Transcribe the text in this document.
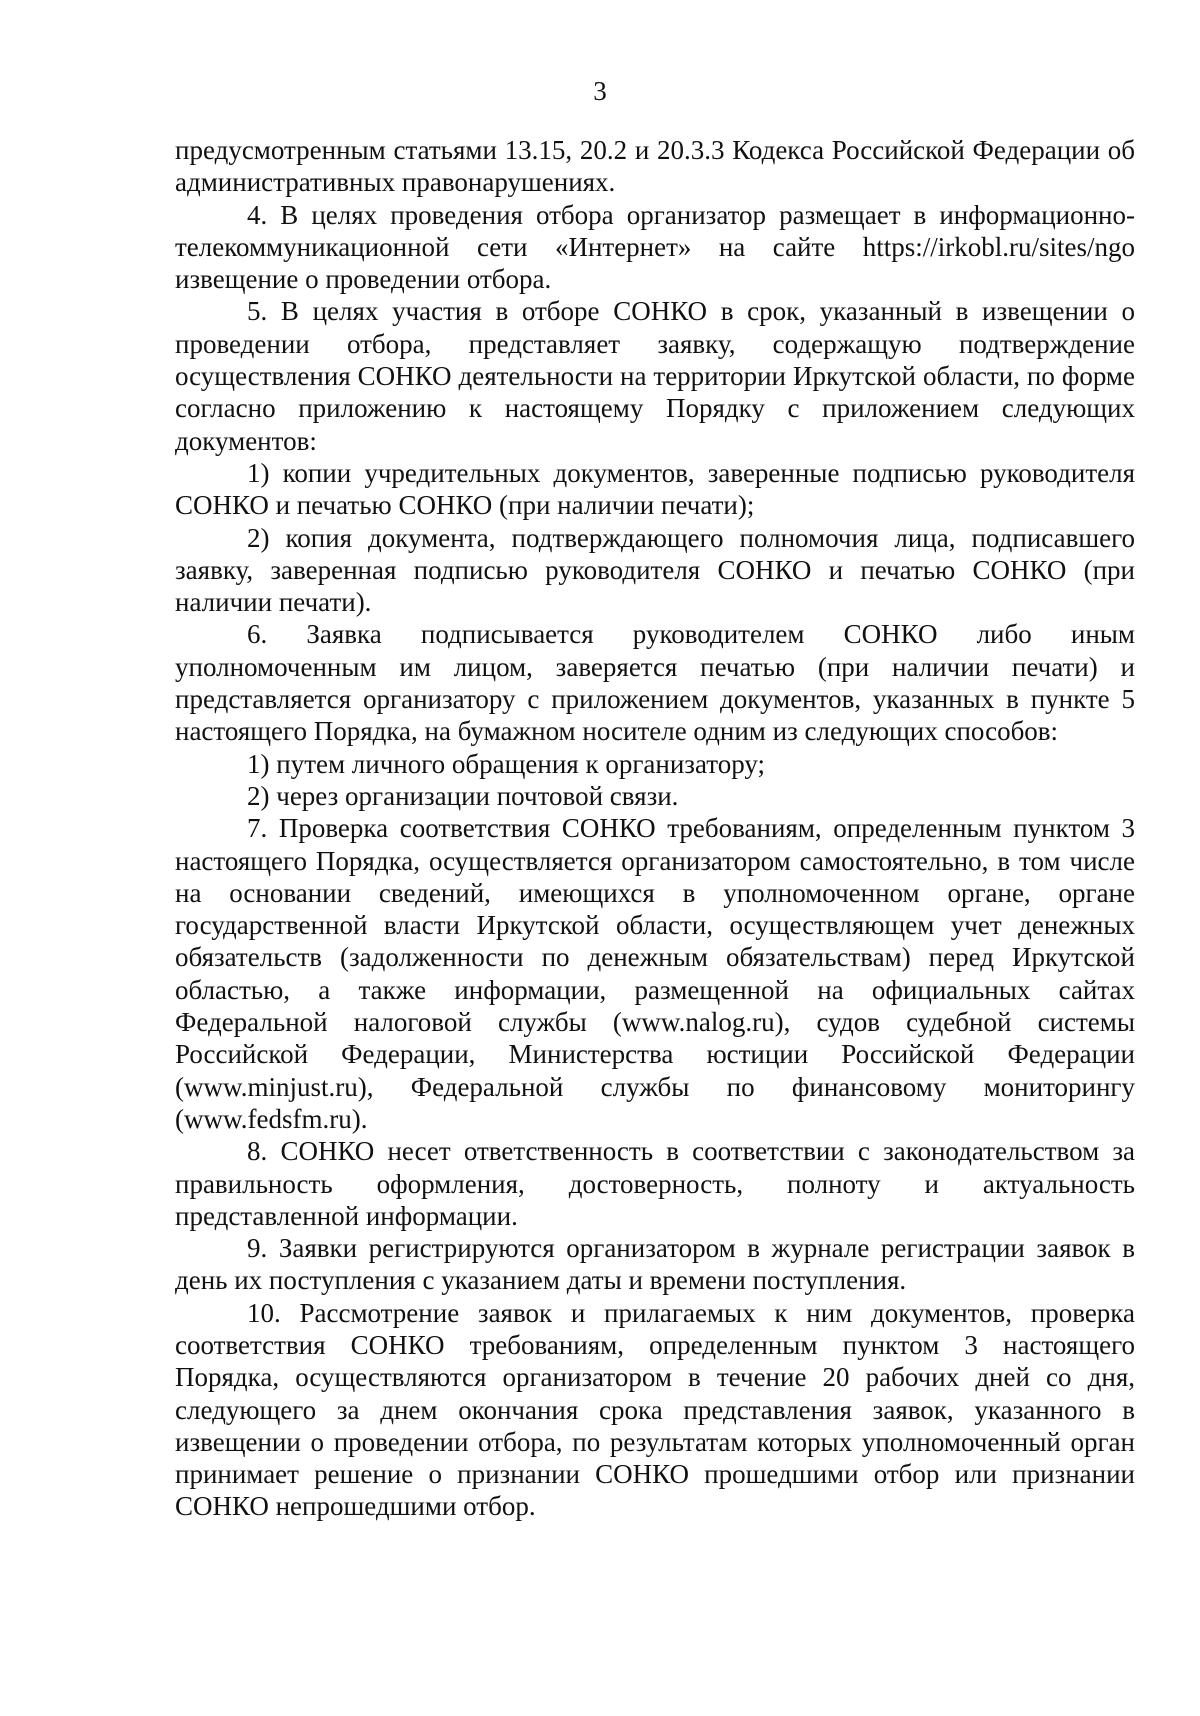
3

предусмотренным статьями 13.15, 20.2 и 20.3.3 Кодекса Российской Федерации об административных правонарушениях.

4. В целях проведения отбора организатор размещает в информационно-телекоммуникационной сети «Интернет» на сайте https://irkobl.ru/sites/ngo извещение о проведении отбора.

5. В целях участия в отборе СОНКО в срок, указанный в извещении о проведении отбора, представляет заявку, содержащую подтверждение осуществления СОНКО деятельности на территории Иркутской области, по форме согласно приложению к настоящему Порядку с приложением следующих документов:

1) копии учредительных документов, заверенные подписью руководителя СОНКО и печатью СОНКО (при наличии печати);

2) копия документа, подтверждающего полномочия лица, подписавшего заявку, заверенная подписью руководителя СОНКО и печатью СОНКО (при наличии печати).

6. Заявка подписывается руководителем СОНКО либо иным уполномоченным им лицом, заверяется печатью (при наличии печати) и представляется организатору с приложением документов, указанных в пункте 5 настоящего Порядка, на бумажном носителе одним из следующих способов:

1) путем личного обращения к организатору;

2) через организации почтовой связи.

7. Проверка соответствия СОНКО требованиям, определенным пунктом 3 настоящего Порядка, осуществляется организатором самостоятельно, в том числе на основании сведений, имеющихся в уполномоченном органе, органе государственной власти Иркутской области, осуществляющем учет денежных обязательств (задолженности по денежным обязательствам) перед Иркутской областью, а также информации, размещенной на официальных сайтах Федеральной налоговой службы (www.nalog.ru), судов судебной системы Российской Федерации, Министерства юстиции Российской Федерации (www.minjust.ru), Федеральной службы по финансовому мониторингу (www.fedsfm.ru).

8. СОНКО несет ответственность в соответствии с законодательством за правильность оформления, достоверность, полноту и актуальность представленной информации.

9. Заявки регистрируются организатором в журнале регистрации заявок в день их поступления с указанием даты и времени поступления.

10. Рассмотрение заявок и прилагаемых к ним документов, проверка соответствия СОНКО требованиям, определенным пунктом 3 настоящего Порядка, осуществляются организатором в течение 20 рабочих дней со дня, следующего за днем окончания срока представления заявок, указанного в извещении о проведении отбора, по результатам которых уполномоченный орган принимает решение о признании СОНКО прошедшими отбор или признании СОНКО непрошедшими отбор.
